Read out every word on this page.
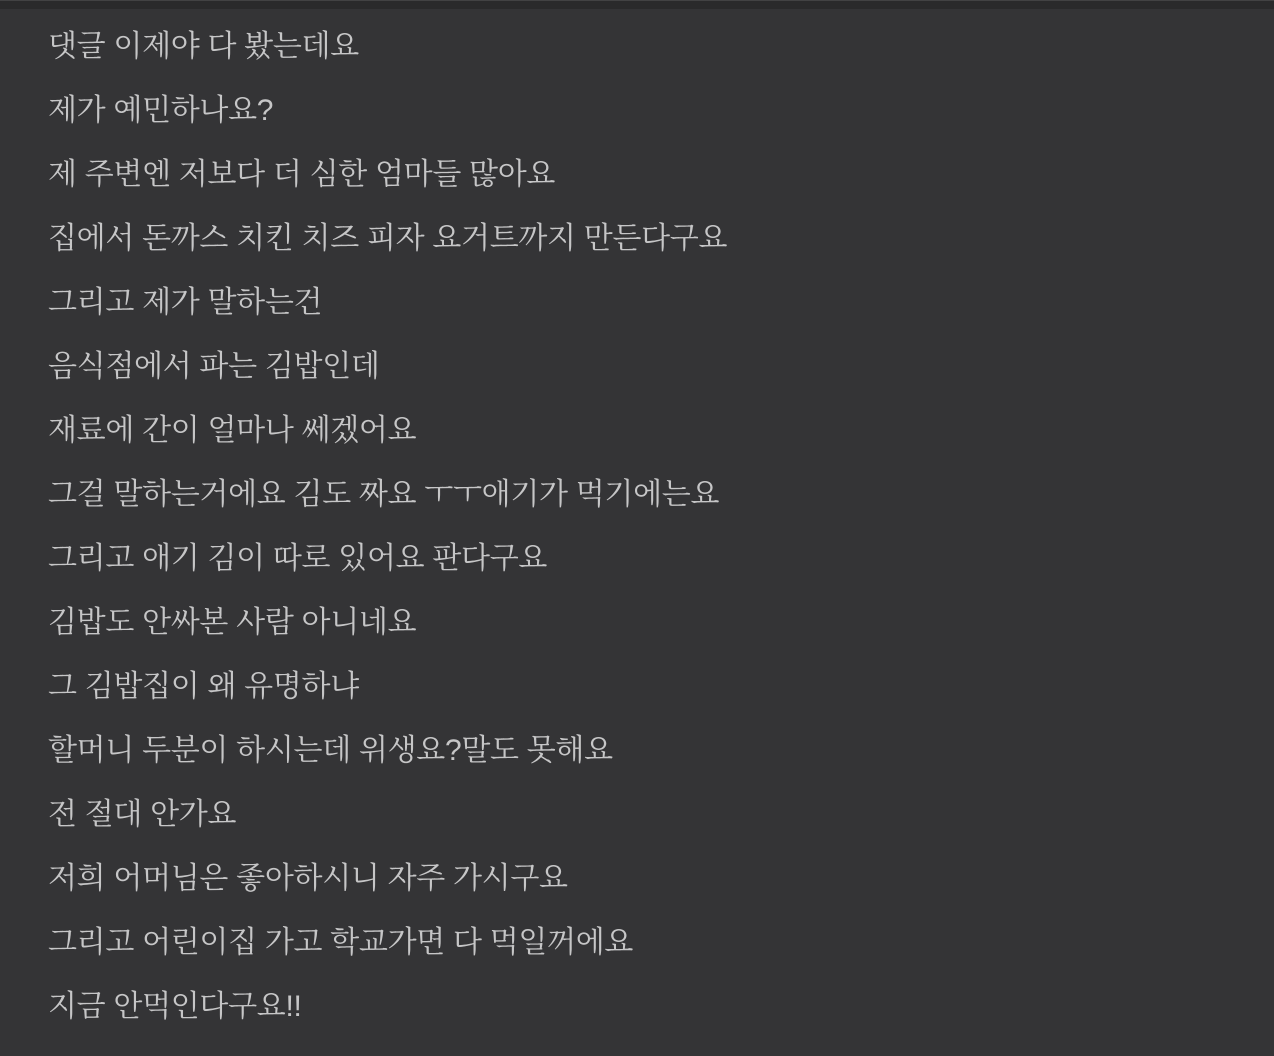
댓글 이제야 다 봤는데요
제가 예민하나요?
제 주변엔 저보다 더 심한 엄마들 많아요
집에서 돈까스 치킨 치즈 피자 요거트까지 만든다구요
그리고 제가 말하는건
음식점에서 파는 김밥인데
재료에 간이 얼마나 쎄겠어요
그걸 말하는거에요 김도 짜요 ㅜㅜ애기가 먹기에는요
그리고 애기 김이 따로 있어요 판다구요
김밥도 안싸본 사람 아니네요
그 김밥집이 왜 유명하냐
할머니 두분이 하시는데 위생요?말도 못해요
전 절대 안가요
저희 어머님은 좋아하시니 자주 가시구요
그리고 어린이집 가고 학교가면 다 먹일꺼에요
지금 안먹인다구요!!
